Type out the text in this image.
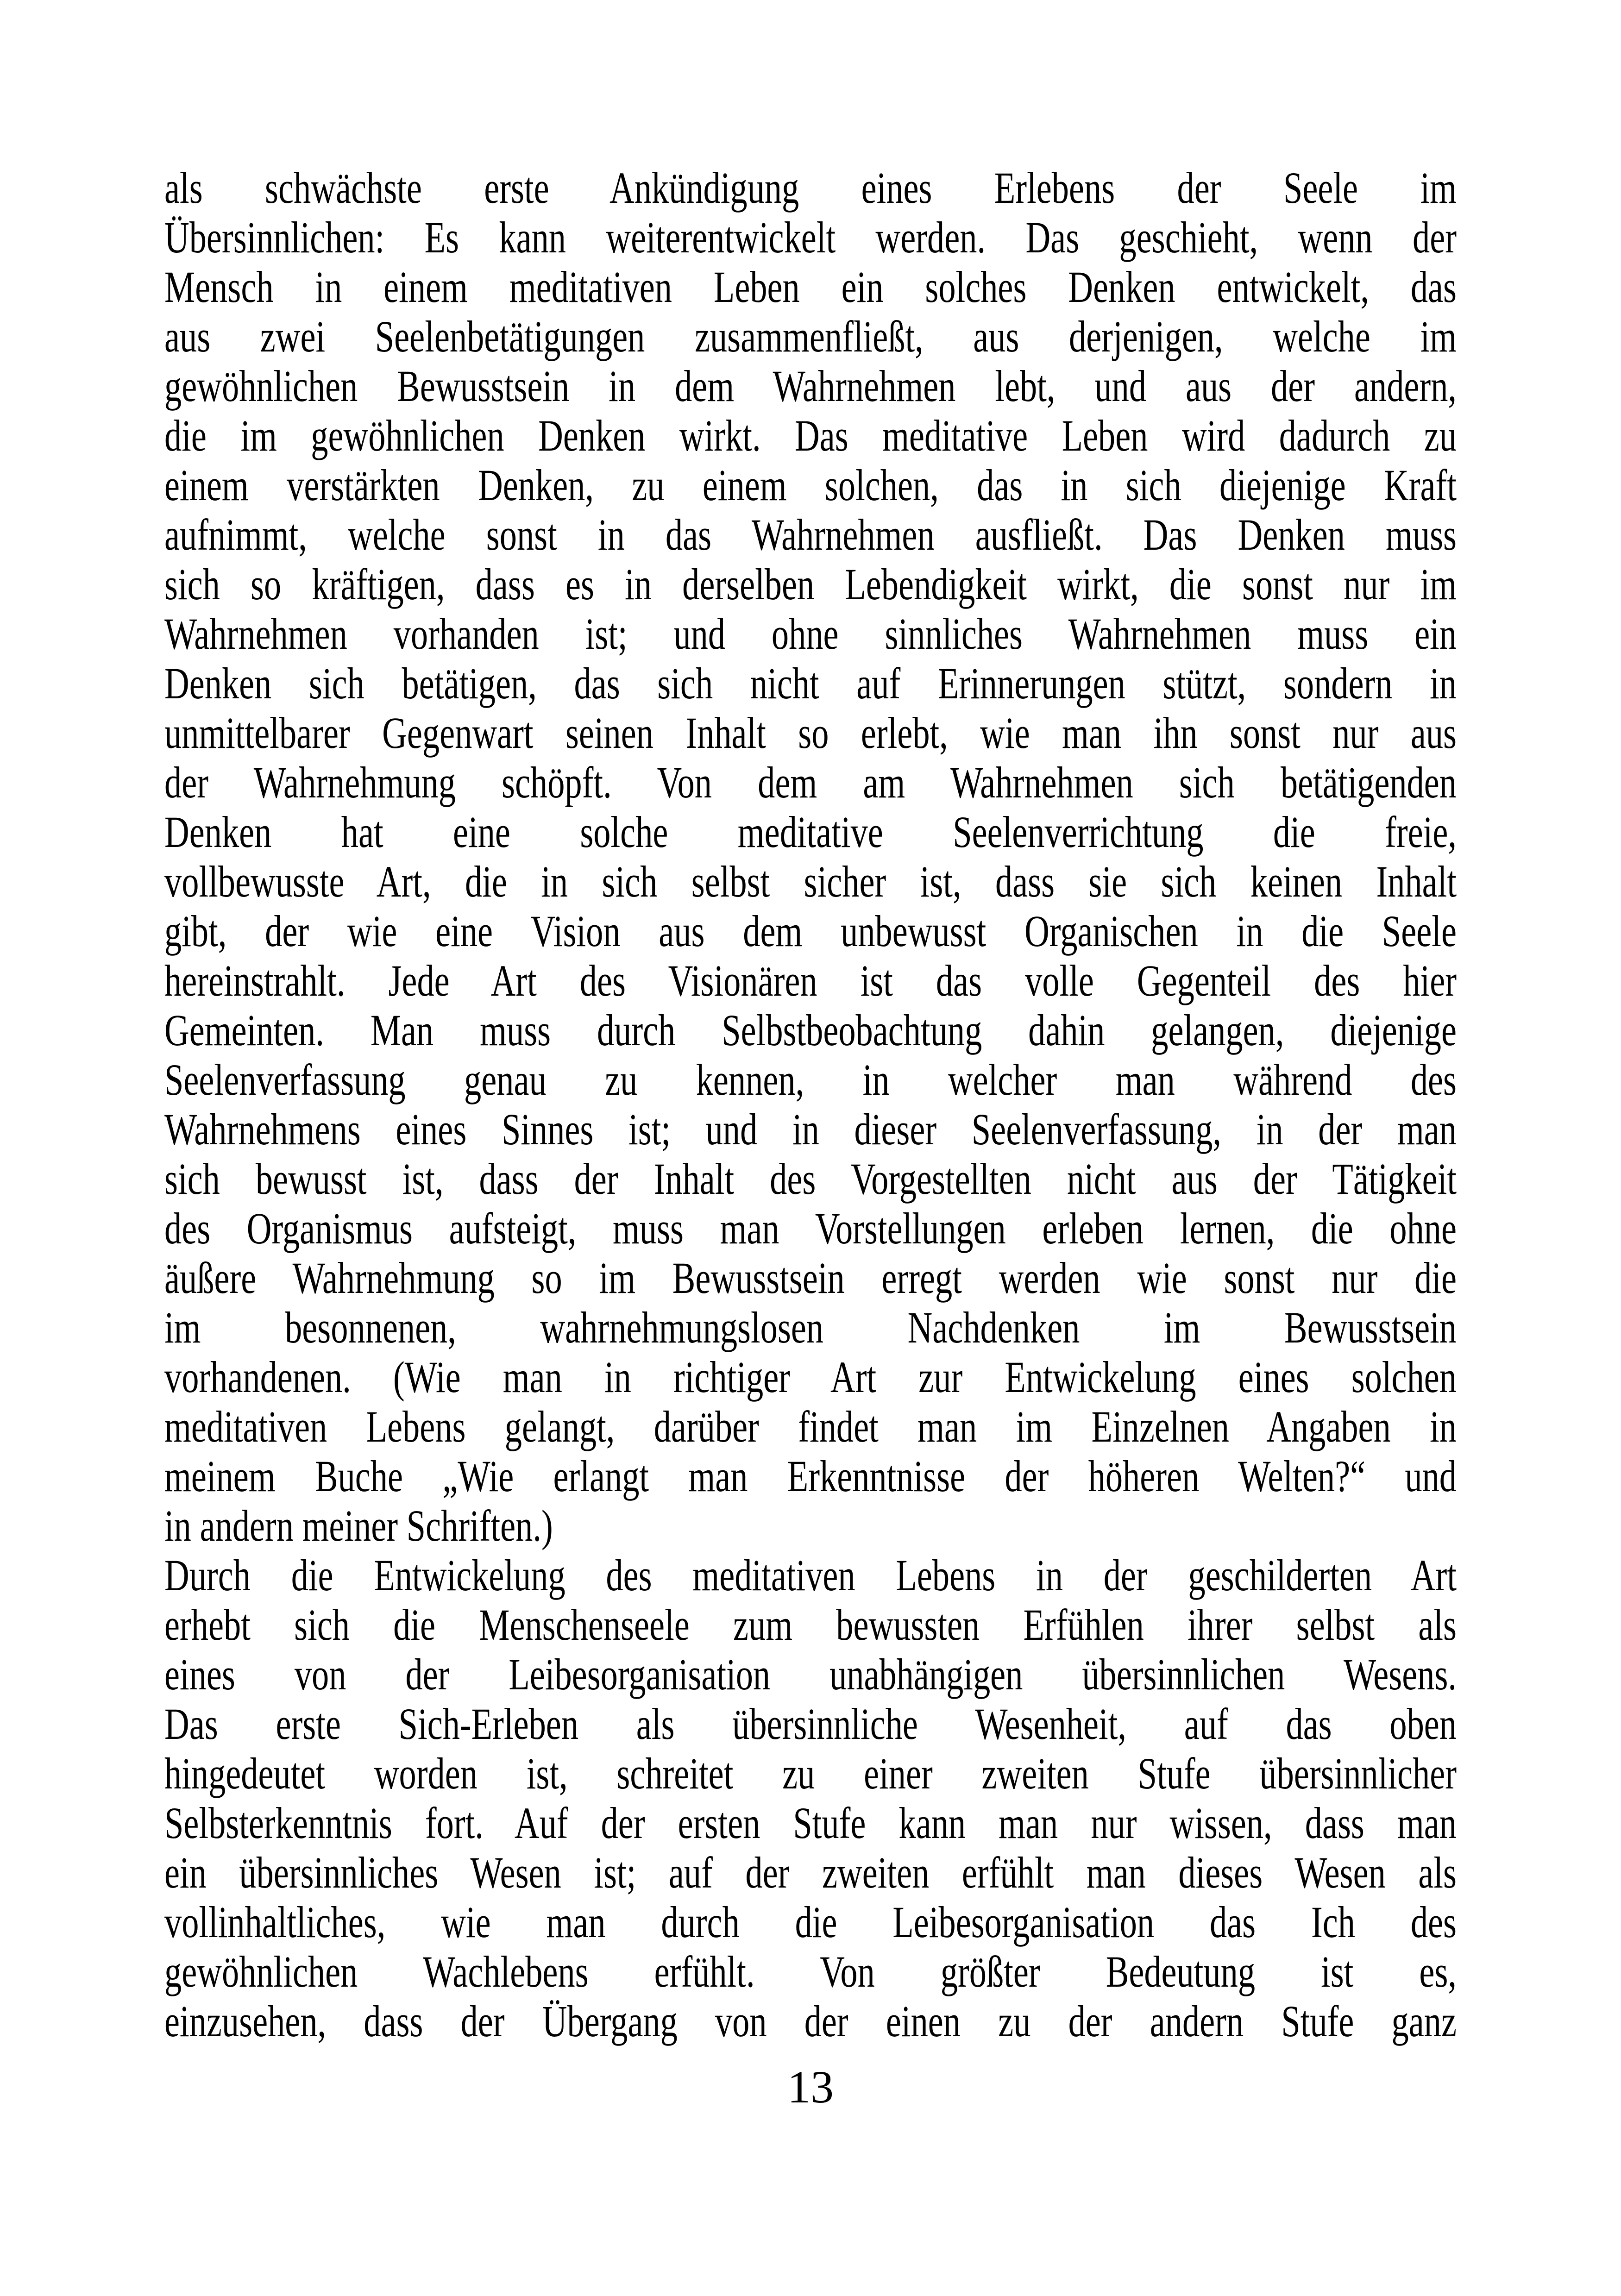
als schwächste erste Ankündigung eines Erlebens der Seele im
Übersinnlichen: Es kann weiterentwickelt werden. Das geschieht, wenn der
Mensch in einem meditativen Leben ein solches Denken entwickelt, das
aus zwei Seelenbetätigungen zusammenfließt, aus derjenigen, welche im
gewöhnlichen Bewusstsein in dem Wahrnehmen lebt, und aus der andern,
die im gewöhnlichen Denken wirkt. Das meditative Leben wird dadurch zu
einem verstärkten Denken, zu einem solchen, das in sich diejenige Kraft
aufnimmt, welche sonst in das Wahrnehmen ausfließt. Das Denken muss
sich so kräftigen, dass es in derselben Lebendigkeit wirkt, die sonst nur im
Wahrnehmen vorhanden ist; und ohne sinnliches Wahrnehmen muss ein
Denken sich betätigen, das sich nicht auf Erinnerungen stützt, sondern in
unmittelbarer Gegenwart seinen Inhalt so erlebt, wie man ihn sonst nur aus
der Wahrnehmung schöpft. Von dem am Wahrnehmen sich betätigenden
Denken hat eine solche meditative Seelenverrichtung die freie,
vollbewusste Art, die in sich selbst sicher ist, dass sie sich keinen Inhalt
gibt, der wie eine Vision aus dem unbewusst Organischen in die Seele
hereinstrahlt. Jede Art des Visionären ist das volle Gegenteil des hier
Gemeinten. Man muss durch Selbstbeobachtung dahin gelangen, diejenige
Seelenverfassung genau zu kennen, in welcher man während des
Wahrnehmens eines Sinnes ist; und in dieser Seelenverfassung, in der man
sich bewusst ist, dass der Inhalt des Vorgestellten nicht aus der Tätigkeit
des Organismus aufsteigt, muss man Vorstellungen erleben lernen, die ohne
äußere Wahrnehmung so im Bewusstsein erregt werden wie sonst nur die
im besonnenen, wahrnehmungslosen Nachdenken im Bewusstsein
vorhandenen. (Wie man in richtiger Art zur Entwickelung eines solchen
meditativen Lebens gelangt, darüber findet man im Einzelnen Angaben in
meinem Buche „Wie erlangt man Erkenntnisse der höheren Welten?“ und
in andern meiner Schriften.)
Durch die Entwickelung des meditativen Lebens in der geschilderten Art
erhebt sich die Menschenseele zum bewussten Erfühlen ihrer selbst als
eines von der Leibesorganisation unabhängigen übersinnlichen Wesens.
Das erste Sich-Erleben als übersinnliche Wesenheit, auf das oben
hingedeutet worden ist, schreitet zu einer zweiten Stufe übersinnlicher
Selbsterkenntnis fort. Auf der ersten Stufe kann man nur wissen, dass man
ein übersinnliches Wesen ist; auf der zweiten erfühlt man dieses Wesen als
vollinhaltliches, wie man durch die Leibesorganisation das Ich des
gewöhnlichen Wachlebens erfühlt. Von größter Bedeutung ist es,
einzusehen, dass der Übergang von der einen zu der andern Stufe ganz
13
